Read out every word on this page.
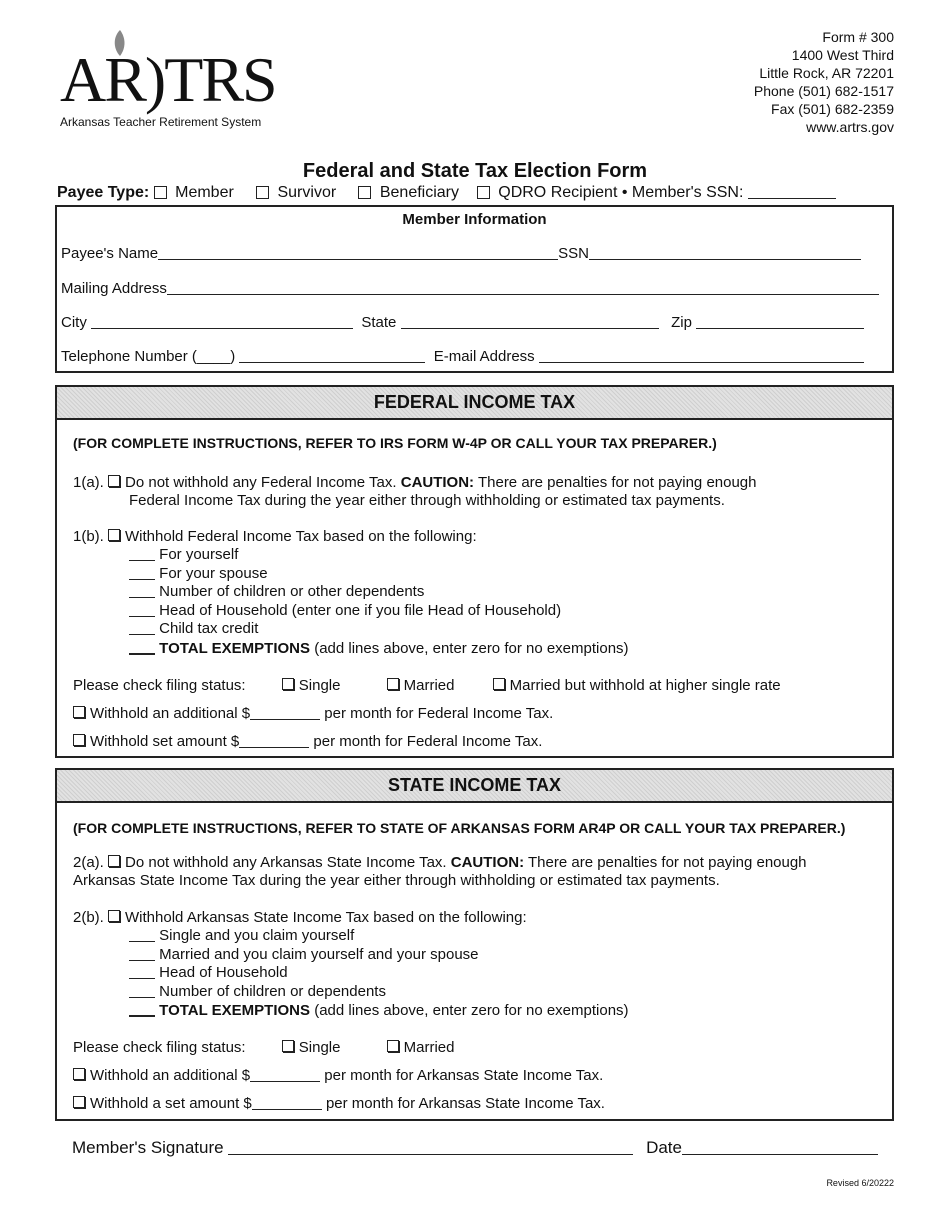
AR)TRS
Arkansas Teacher Retirement System
Form # 300
1400 West Third
Little Rock, AR 72201
Phone (501) 682-1517
Fax (501) 682-2359
www.artrs.gov
Federal and State Tax Election Form
Payee Type: Member	Survivor	Beneficiary QDRO Recipient • Member's SSN:
Member Information
Payee's Name	SSN
Mailing Address
City	State	Zip
Telephone Number (____)	E-mail Address
FEDERAL INCOME TAX
(FOR COMPLETE INSTRUCTIONS, REFER TO IRS FORM W-4P OR CALL YOUR TAX PREPARER.)
1(a). Do not withhold any Federal Income Tax. CAUTION: There are penalties for not paying enough
Federal Income Tax during the year either through withholding or estimated tax payments.
1(b). Withhold Federal Income Tax based on the following:
For yourself
For your spouse
Number of children or other dependents
Head of Household (enter one if you file Head of Household)
Child tax credit
TOTAL EXEMPTIONS (add lines above, enter zero for no exemptions)
Please check filing status:	Single	Married	Married but withhold at higher single rate
Withhold an additional $	per month for Federal Income Tax.
Withhold set amount $	per month for Federal Income Tax.
STATE INCOME TAX
(FOR COMPLETE INSTRUCTIONS, REFER TO STATE OF ARKANSAS FORM AR4P OR CALL YOUR TAX PREPARER.)
2(a). Do not withhold any Arkansas State Income Tax. CAUTION: There are penalties for not paying enough
Arkansas State Income Tax during the year either through withholding or estimated tax payments.
2(b). Withhold Arkansas State Income Tax based on the following:
Single and you claim yourself
Married and you claim yourself and your spouse
Head of Household
Number of children or dependents
TOTAL EXEMPTIONS (add lines above, enter zero for no exemptions)
Please check filing status:	Single	Married
Withhold an additional $	per month for Arkansas State Income Tax.
Withhold a set amount $	per month for Arkansas State Income Tax.
Member's Signature	Date
Revised 6/20222
